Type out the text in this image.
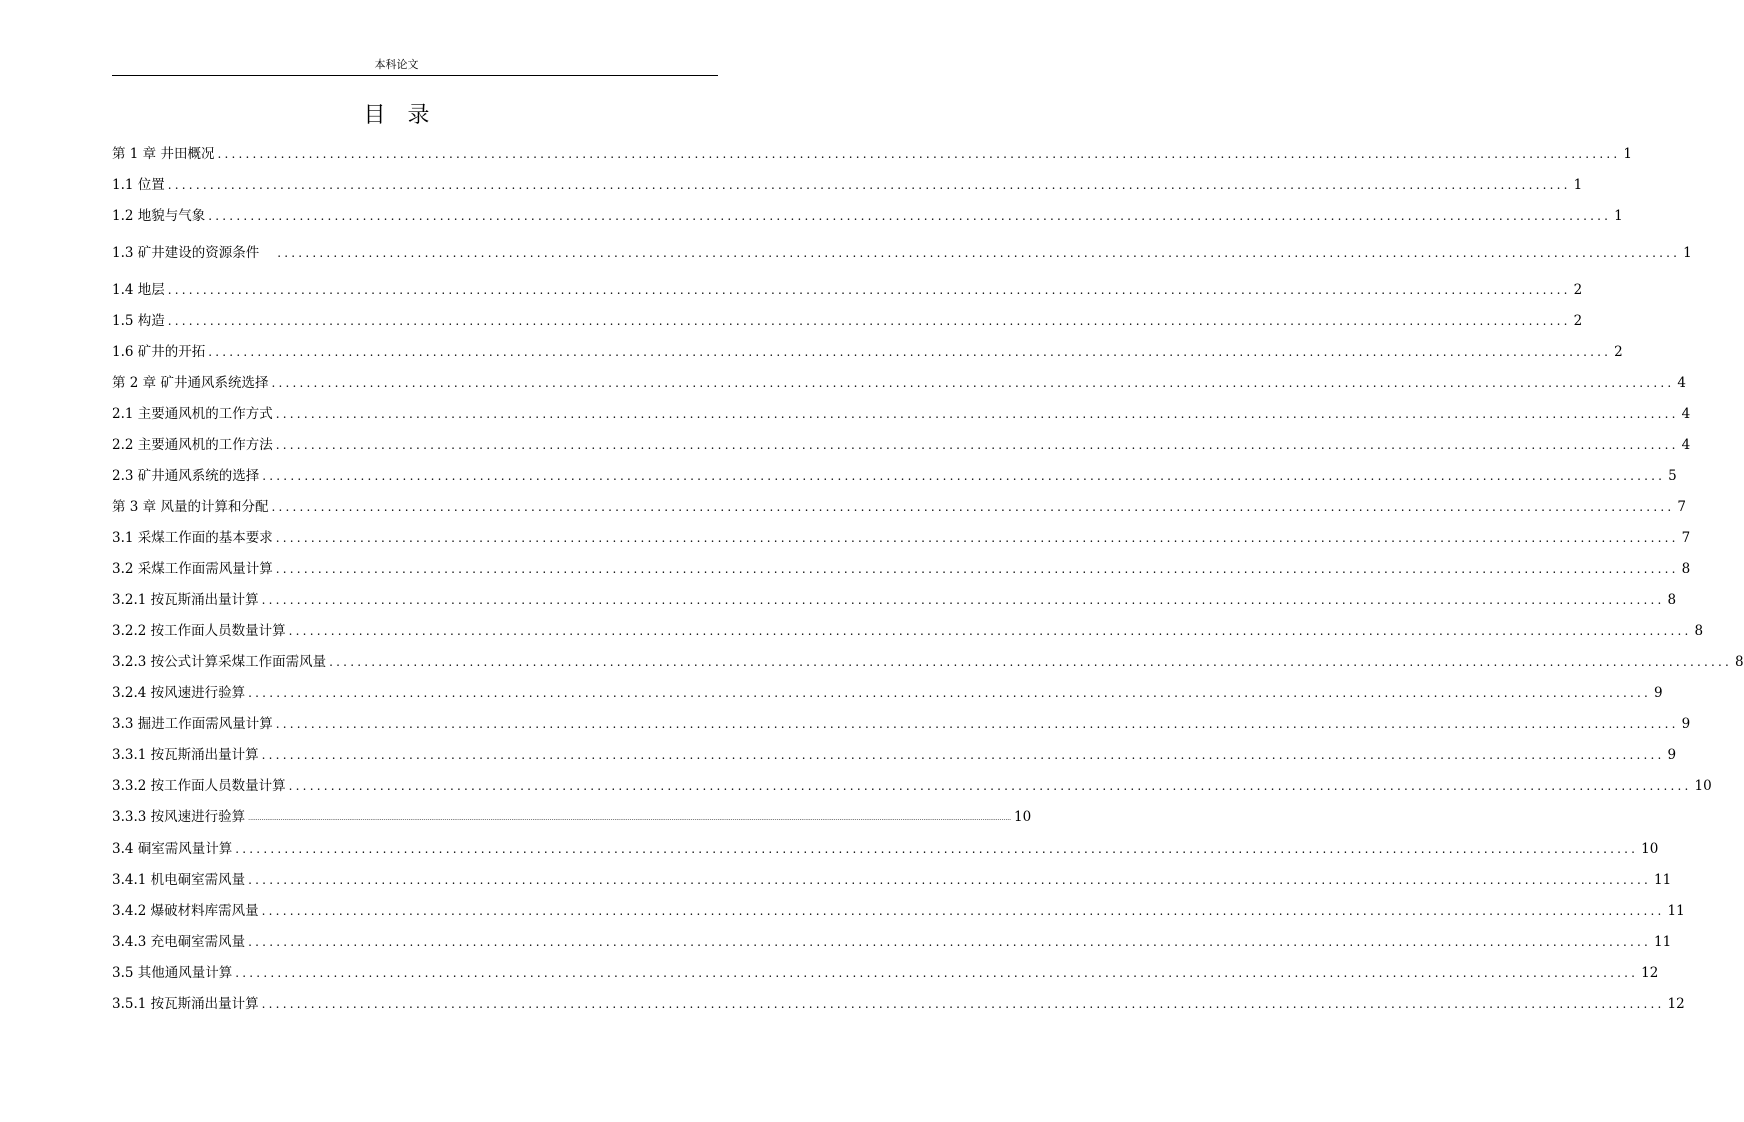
本科论文
目录
第 1 章 井田概况 ........................................................................................................................................................................................................ 1
1.1 位置 ........................................................................................................................................................................................................ 1
1.2 地貌与气象 ........................................................................................................................................................................................................ 1
1.3 矿井建设的资源条件 ........................................................................................................................................................................................................ 1
1.4 地层 ........................................................................................................................................................................................................ 2
1.5 构造 ........................................................................................................................................................................................................ 2
1.6 矿井的开拓 ........................................................................................................................................................................................................ 2
第 2 章 矿井通风系统选择 ........................................................................................................................................................................................................ 4
2.1 主要通风机的工作方式 ........................................................................................................................................................................................................ 4
2.2 主要通风机的工作方法 ........................................................................................................................................................................................................ 4
2.3 矿井通风系统的选择 ........................................................................................................................................................................................................ 5
第 3 章 风量的计算和分配 ........................................................................................................................................................................................................ 7
3.1 采煤工作面的基本要求 ........................................................................................................................................................................................................ 7
3.2 采煤工作面需风量计算 ........................................................................................................................................................................................................ 8
3.2.1 按瓦斯涌出量计算 ........................................................................................................................................................................................................ 8
3.2.2 按工作面人员数量计算 ........................................................................................................................................................................................................ 8
3.2.3 按公式计算采煤工作面需风量 ........................................................................................................................................................................................................ 8
3.2.4 按风速进行验算 ........................................................................................................................................................................................................ 9
3.3 掘进工作面需风量计算 ........................................................................................................................................................................................................ 9
3.3.1 按瓦斯涌出量计算 ........................................................................................................................................................................................................ 9
3.3.2 按工作面人员数量计算 ........................................................................................................................................................................................................ 10
3.3.3 按风速进行验算 ................................................................................................................................................................................................................................................................................................................................................................................................................ 10
3.4 硐室需风量计算 ........................................................................................................................................................................................................ 10
3.4.1 机电硐室需风量 ........................................................................................................................................................................................................ 11
3.4.2 爆破材料库需风量 ........................................................................................................................................................................................................ 11
3.4.3 充电硐室需风量 ........................................................................................................................................................................................................ 11
3.5 其他通风量计算 ........................................................................................................................................................................................................ 12
3.5.1 按瓦斯涌出量计算 ........................................................................................................................................................................................................ 12
